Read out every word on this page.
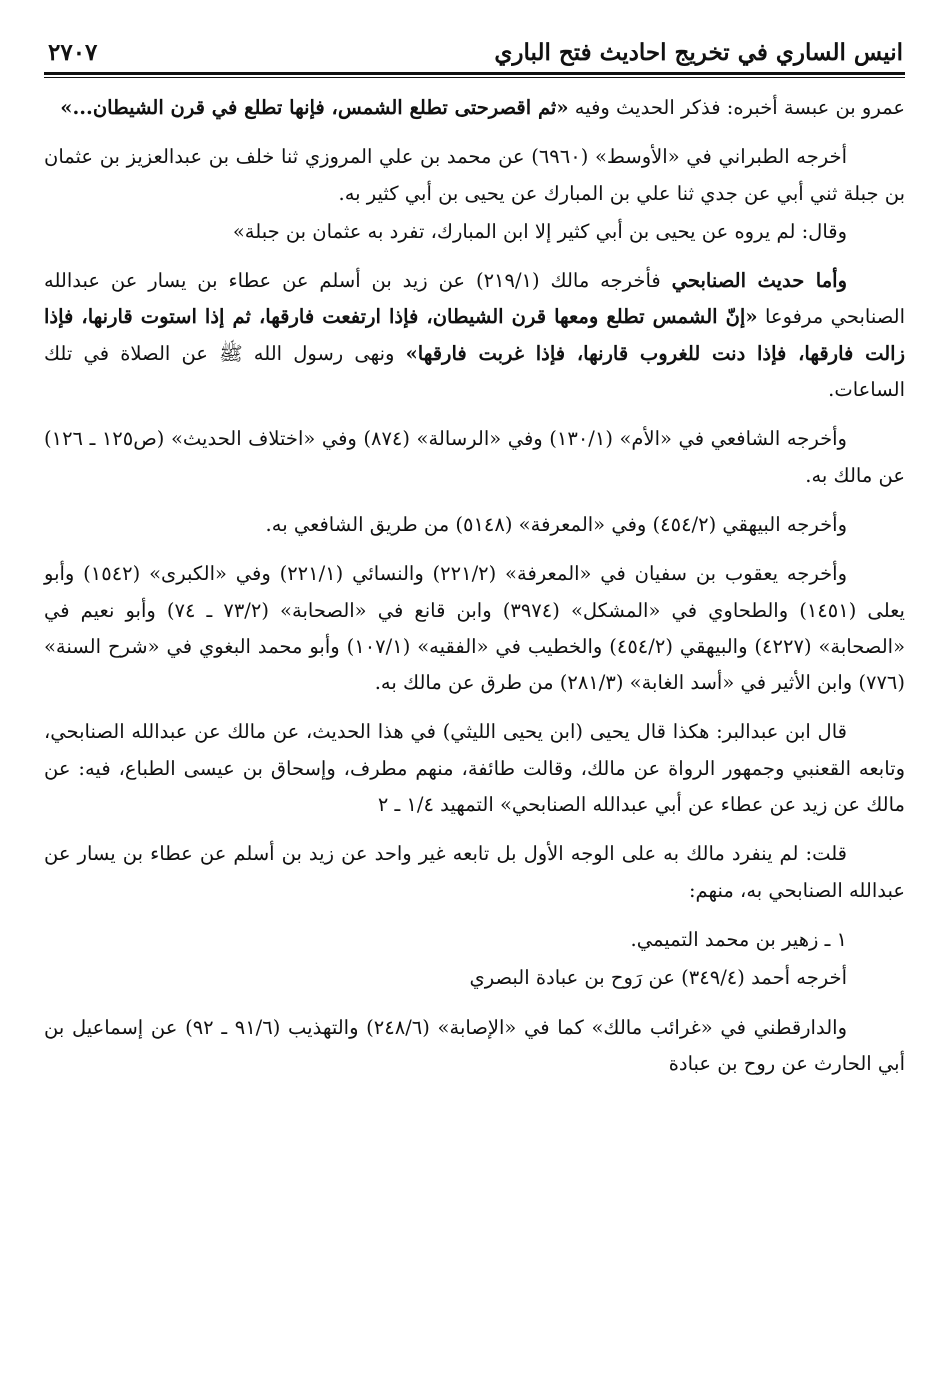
انيس الساري في تخريج احاديث فتح الباري
٢٧٠٧

عمرو بن عبسة أخبره: فذكر الحديث وفيه «ثم اقصرحتى تطلع الشمس، فإنها تطلع في قرن الشيطان...»

أخرجه الطبراني في «الأوسط» (٦٩٦٠) عن محمد بن علي المروزي ثنا خلف بن عبدالعزيز بن عثمان بن جبلة ثني أبي عن جدي ثنا علي بن المبارك عن يحيى بن أبي كثير به.

وقال: لم يروه عن يحيى بن أبي كثير إلا ابن المبارك، تفرد به عثمان بن جبلة»

وأما حديث الصنابحي فأخرجه مالك (٢١٩/١) عن زيد بن أسلم عن عطاء بن يسار عن عبدالله الصنابحي مرفوعا «إنّ الشمس تطلع ومعها قرن الشيطان، فإذا ارتفعت فارقها، ثم إذا استوت قارنها، فإذا زالت فارقها، فإذا دنت للغروب قارنها، فإذا غربت فارقها» ونهى رسول الله ﷺ عن الصلاة في تلك الساعات.

وأخرجه الشافعي في «الأم» (١٣٠/١) وفي «الرسالة» (٨٧٤) وفي «اختلاف الحديث» (ص١٢٥ ـ ١٢٦) عن مالك به.

وأخرجه البيهقي (٤٥٤/٢) وفي «المعرفة» (٥١٤٨) من طريق الشافعي به.

وأخرجه يعقوب بن سفيان في «المعرفة» (٢٢١/٢) والنسائي (٢٢١/١) وفي «الكبرى» (١٥٤٢) وأبو يعلى (١٤٥١) والطحاوي في «المشكل» (٣٩٧٤) وابن قانع في «الصحابة» (٧٣/٢ ـ ٧٤) وأبو نعيم في «الصحابة» (٤٢٢٧) والبيهقي (٤٥٤/٢) والخطيب في «الفقيه» (١٠٧/١) وأبو محمد البغوي في «شرح السنة» (٧٧٦) وابن الأثير في «أسد الغابة» (٢٨١/٣) من طرق عن مالك به.

قال ابن عبدالبر: هكذا قال يحيى (ابن يحيى الليثي) في هذا الحديث، عن مالك عن عبدالله الصنابحي، وتابعه القعنبي وجمهور الرواة عن مالك، وقالت طائفة، منهم مطرف، وإسحاق بن عيسى الطباع، فيه: عن مالك عن زيد عن عطاء عن أبي عبدالله الصنابحي» التمهيد ١/٤ ـ ٢

قلت: لم ينفرد مالك به على الوجه الأول بل تابعه غير واحد عن زيد بن أسلم عن عطاء بن يسار عن عبدالله الصنابحي به، منهم:

١ ـ زهير بن محمد التميمي.

أخرجه أحمد (٣٤٩/٤) عن رَوح بن عبادة البصري

والدارقطني في «غرائب مالك» كما في «الإصابة» (٢٤٨/٦) والتهذيب (٩١/٦ ـ ٩٢) عن إسماعيل بن أبي الحارث عن روح بن عبادة
